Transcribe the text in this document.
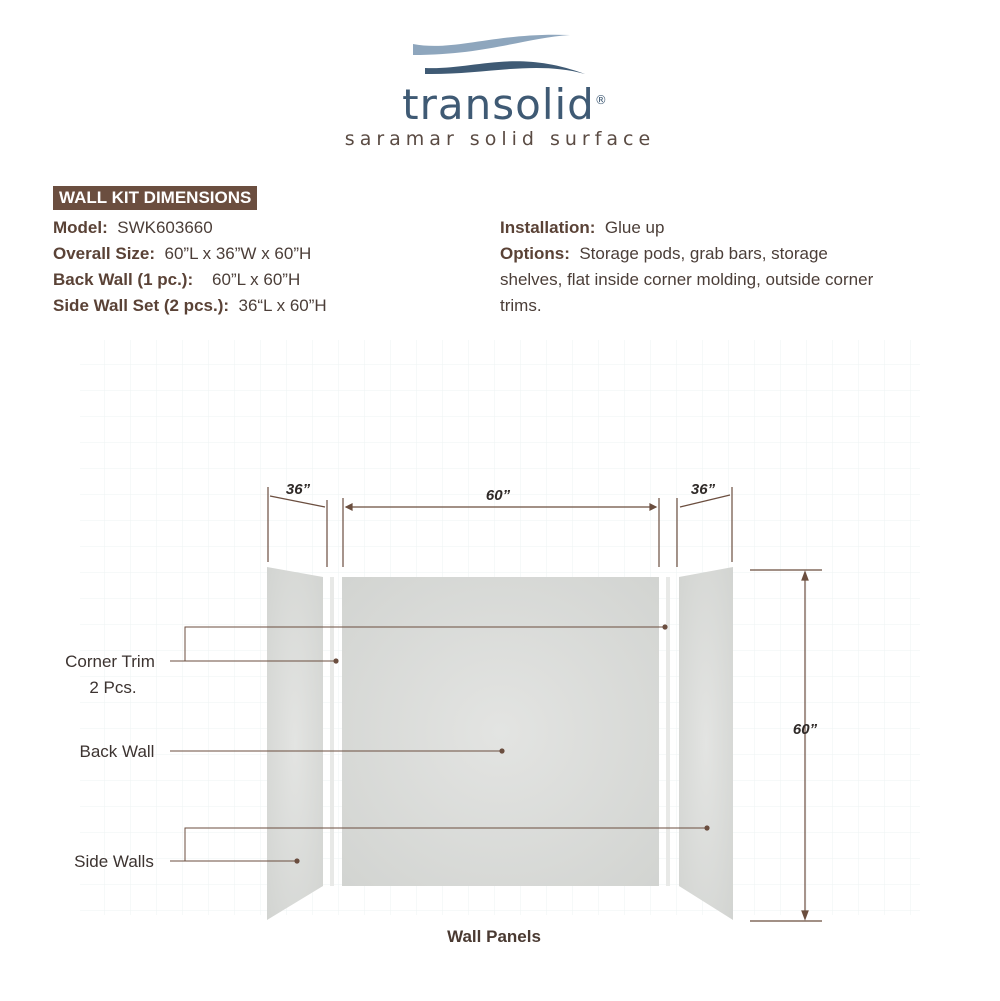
transolid®
saramar solid surface
WALL KIT DIMENSIONS
Model: SWK603660
Overall Size: 60”L x 36”W x 60”H
Back Wall (1 pc.): 60”L x 60”H
Side Wall Set (2 pcs.): 36“L x 60”H
Installation: Glue up
Options: Storage pods, grab bars, storage shelves, flat inside corner molding, outside corner trims.
36”	60”	36”
60”
Corner Trim
2 Pcs.
Back Wall
Side Walls
Wall Panels
